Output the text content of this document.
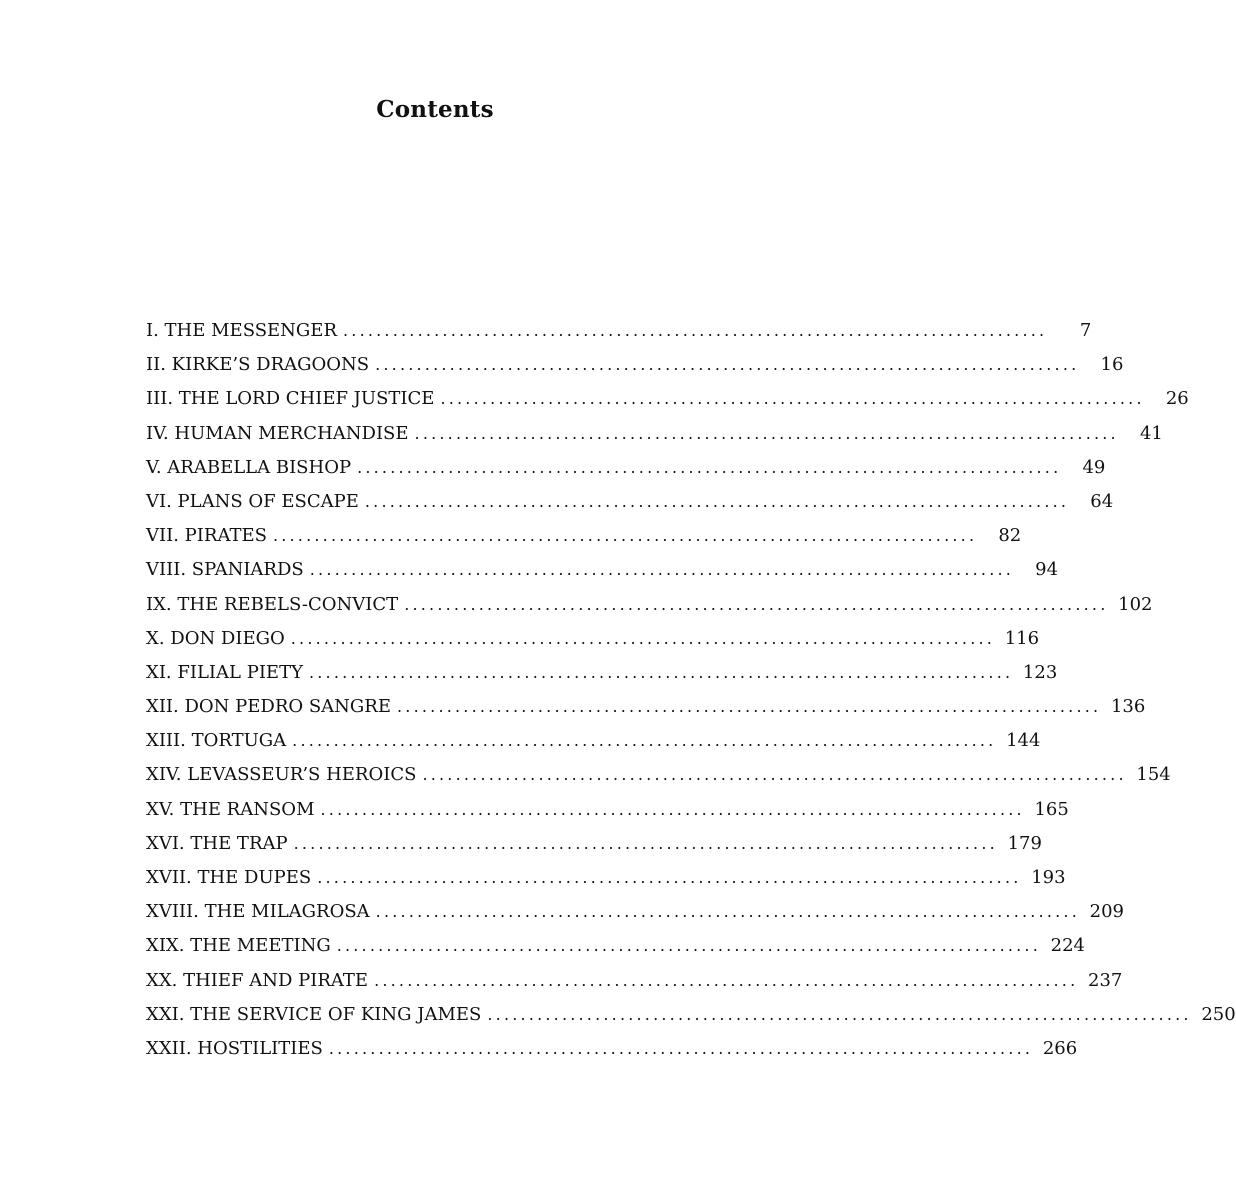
Contents
I. THE MESSENGER .....................................................................................	7
II. KIRKE’S DRAGOONS .....................................................................................	16
III. THE LORD CHIEF JUSTICE .....................................................................................	26
IV. HUMAN MERCHANDISE .....................................................................................	41
V. ARABELLA BISHOP .....................................................................................	49
VI. PLANS OF ESCAPE .....................................................................................	64
VII. PIRATES .....................................................................................	82
VIII. SPANIARDS .....................................................................................	94
IX. THE REBELS-CONVICT ..................................................................................... 102
X. DON DIEGO ..................................................................................... 116
XI. FILIAL PIETY ..................................................................................... 123
XII. DON PEDRO SANGRE ..................................................................................... 136
XIII. TORTUGA ..................................................................................... 144
XIV. LEVASSEUR’S HEROICS ..................................................................................... 154
XV. THE RANSOM ..................................................................................... 165
XVI. THE TRAP ..................................................................................... 179
XVII. THE DUPES ..................................................................................... 193
XVIII. THE MILAGROSA ..................................................................................... 209
XIX. THE MEETING ..................................................................................... 224
XX. THIEF AND PIRATE ..................................................................................... 237
XXI. THE SERVICE OF KING JAMES ..................................................................................... 250
XXII. HOSTILITIES ..................................................................................... 266
